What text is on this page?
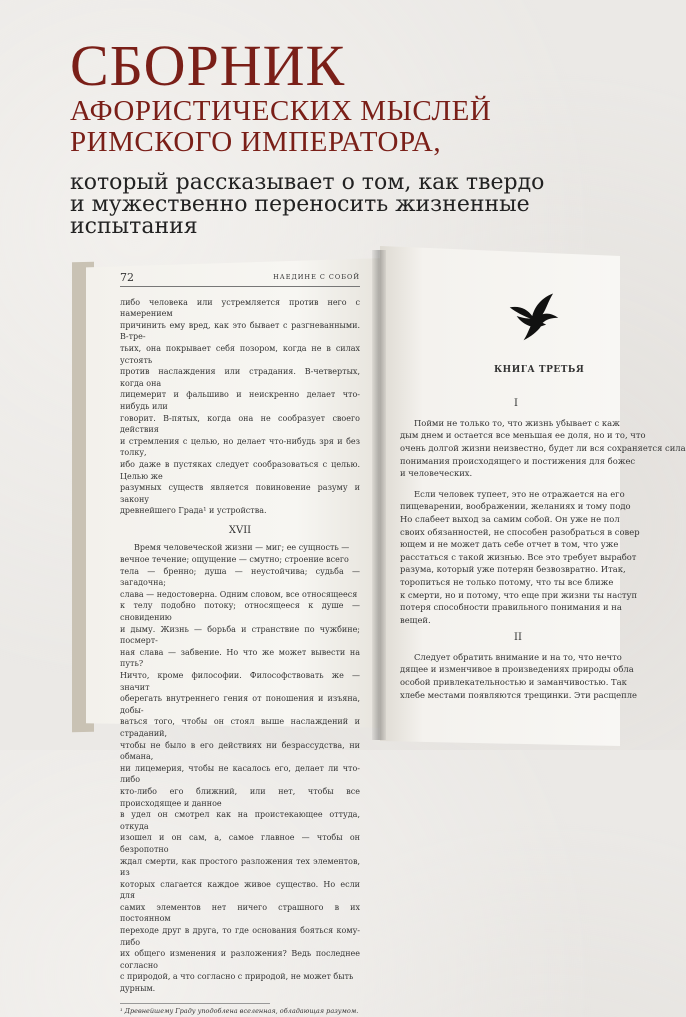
СБОРНИК
АФОРИСТИЧЕСКИХ МЫСЛЕЙ
РИМСКОГО ИМПЕРАТОРА,
который рассказывает о том, как твердо
и мужественно переносить жизненные
испытания
72	НАЕДИНЕ С СОБОЙ
либо человека или устремляется против него с намерением
причинить ему вред, как это бывает с разгневанными. В-тре-
тьих, она покрывает себя позором, когда не в силах устоять
против наслаждения или страдания. В-четвертых, когда она
лицемерит и фальшиво и неискренно делает что-нибудь или
говорит. В-пятых, когда она не сообразует своего действия
и стремления с целью, но делает что-нибудь зря и без толку,
ибо даже в пустяках следует сообразоваться с целью. Целью же
разумных существ является повиновение разуму и закону
древнейшего Града¹ и устройства.
XVII
Время человеческой жизни — миг; ее сущность —
вечное течение; ощущение — смутно; строение всего
тела — бренно; душа — неустойчива; судьба — загадочна;
слава — недостоверна. Одним словом, все относящееся
к телу подобно потоку; относящееся к душе — сновидению
и дыму. Жизнь — борьба и странствие по чужбине; посмерт-
ная слава — забвение. Но что же может вывести на путь?
Ничто, кроме философии. Философствовать же — значит
оберегать внутреннего гения от поношения и изъяна, добы-
ваться того, чтобы он стоял выше наслаждений и страданий,
чтобы не было в его действиях ни безрассудства, ни обмана,
ни лицемерия, чтобы не касалось его, делает ли что-либо
кто-либо его ближний, или нет, чтобы все происходящее и данное
в удел он смотрел как на проистекающее оттуда, откуда
изошел и он сам, а, самое главное — чтобы он безропотно
ждал смерти, как простого разложения тех элементов, из
которых слагается каждое живое существо. Но если для
самих элементов нет ничего страшного в их постоянном
переходе друг в друга, то где основания бояться кому-либо
их общего изменения и разложения? Ведь последнее согласно
с природой, а что согласно с природой, не может быть
дурным.
¹ Древнейшему Граду уподоблена вселенная, обладающая разумом.
КНИГА ТРЕТЬЯ
I
Пойми не только то, что жизнь убывает с каж
дым днем и остается все меньшая ее доля, но и то, что
очень долгой жизни неизвестно, будет ли вся сохраняется сила
понимания происходящего и постижения для божес
и человеческих.
Если человек тупеет, это не отражается на его
пищеварении, воображении, желаниях и тому подо
Но слабеет выход за самим собой. Он уже не пол
своих обязанностей, не способен разобраться в совер
ющем и не может дать себе отчет в том, что уже
расстаться с такой жизнью. Все это требует выработ
разума, который уже потерян безвозвратно. Итак,
торопиться не только потому, что ты все ближе
к смерти, но и потому, что еще при жизни ты наступ
потеря способности правильного понимания и на
вещей.
II
Следует обратить внимание и на то, что нечто
дящее и изменчивое в произведениях природы обла
особой привлекательностью и заманчивостью. Так
хлебе местами появляются трещинки. Эти расщепле
